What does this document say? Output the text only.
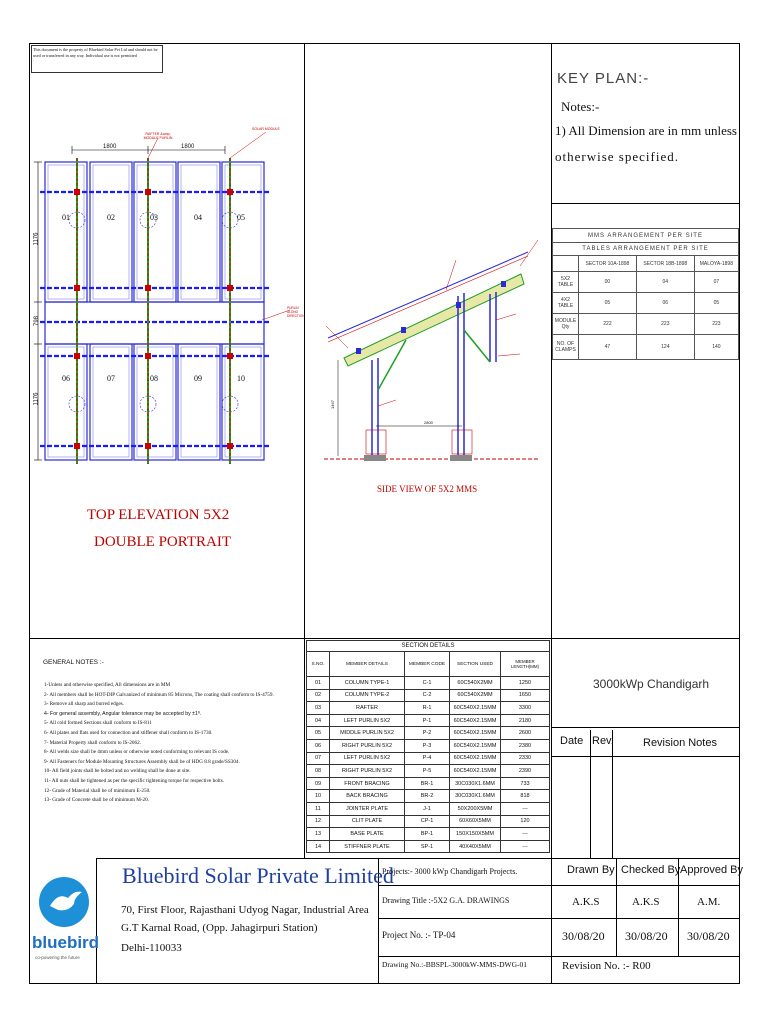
This document is the property of Bluebird Solar Pvt Ltd and should not be used or transferred in any way. Individual use is not permitted
KEY PLAN:-
Notes:-
1) All Dimension are in mm unless
otherwise specified.
MMS ARRANGEMENT PER SITE			
TABLES ARRANGEMENT PER SITE			
	SECTOR 10A-1898	SECTOR 18B-1898	MALOYA-1898
5X2 TABLE	00	04	07
4X2 TABLE	05	06	05
MODULE Qty	222	223	223
NO. OF CLAMPS	47	124	140
1800	1800
RAFTER &amp; MODULE PURLIN
SOLAR MODULE
PURLIN ALONG DIRECTION
1176
798
1176
01	02	03	04	05
06	07	08	09	10
TOP ELEVATION 5X2
DOUBLE PORTRAIT
2800
1467
SIDE VIEW OF 5X2 MMS
GENERAL NOTES :-
1-Unless and otherwise specified, All dimensions are in MM
2- All members shall be HOT-DIP Galvanized of minimum 85 Microns, The coating shall conform to IS-4759.
3- Remove all sharp and burred edges.
4- For general assembly, Angular tolerance may be accepted by ±1º.
5- All cold formed Sections shall conform to IS-811
6- All plates and flats used for connection and stiffener shall conform to IS-1730.
7- Material Property shall conform to IS-2062.
8- All welds size shall be 4mm unless or otherwise noted conforming to relevant IS code.
9- All Fasteners for Module Mounting Structures Assembly shall be of HDG 8.8 grade/SS304.
10- All field joints shall be bolted and no welding shall be done at site.
11- All nuts shall be tightened as per the specific tightening torque for respective bolts.
12- Grade of Material shall be of mimimum E-250.
13- Grade of Concrete shall be of minimum M-20.
SECTION DETAILS				
S.NO.	MEMBER DETAILS	MEMBER CODE	SECTION USED	MEMBER LENGTH(MM)
01	COLUMN TYPE-1	C-1	60C540X2MM	1250
02	COLUMN TYPE-2	C-2	60C540X2MM	1650
03	RAFTER	R-1	60C540X2.15MM	3300
04	LEFT PURLIN 5X2	P-1	60C540X2.15MM	2180
05	MIDDLE PURLIN 5X2	P-2	60C540X2.15MM	2600
06	RIGHT PURLIN 5X2	P-3	60C540X2.15MM	2380
07	LEFT PURLIN 5X2	P-4	60C540X2.15MM	2330
08	RIGHT PURLIN 5X2	P-5	60C540X2.15MM	2390
09	FRONT BRACING	BR-1	30C030X1.6MM	733
10	BACK BRACING	BR-2	30C030X1.6MM	818
11	JOINTER PLATE	J-1	50X200X5MM	---
12	CLIT PLATE	CP-1	60X60X5MM	120
13	BASE PLATE	BP-1	150X150X5MM	---
14	STIFFNER PLATE	SP-1	40X40X5MM	---
3000kWp Chandigarh
Date Rev.	Revision Notes
bluebird
co-powering the future
Bluebird Solar Private Limited
70, First Floor, Rajasthani Udyog Nagar, Industrial Area
G.T Karnal Road, (Opp. Jahagirpuri Station)
Delhi-110033
Projects:- 3000 kWp Chandigarh Projects.
Drawing Title :-5X2 G.A. DRAWINGS
Project No. :- TP-04
Drawing No.:-BBSPL-3000kW-MMS-DWG-01
Drawn By Checked By Approved By
A.K.S	A.K.S	A.M.
30/08/20 30/08/20 30/08/20
Revision No. :- R00
